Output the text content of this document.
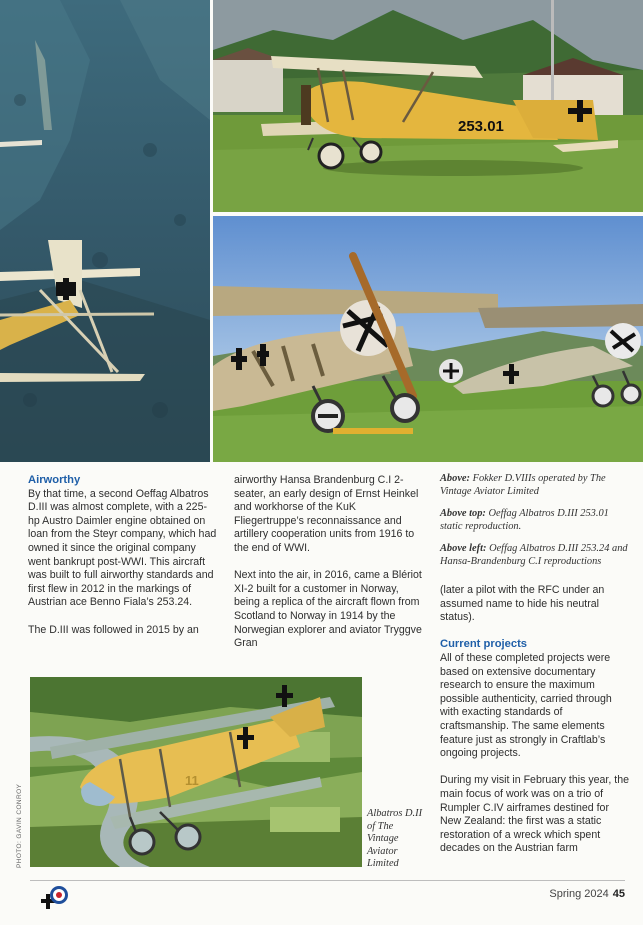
253.01
11
PHOTO: GAVIN CONROY
Airworthy

By that time, a second Oeffag Albatros D.III was almost complete, with a 225-hp Austro Daimler engine obtained on loan from the Steyr company, which had owned it since the original company went bankrupt post-WWI. This aircraft was built to full airworthy standards and first flew in 2012 in the markings of Austrian ace Benno Fiala’s 253.24.

The D.III was followed in 2015 by an

airworthy Hansa Brandenburg C.I 2-seater, an early design of Ernst Heinkel and workhorse of the KuK Fliegertruppe’s reconnaissance and artillery cooperation units from 1916 to the end of WWI.

Next into the air, in 2016, came a Blériot XI-2 built for a customer in Norway, being a replica of the aircraft flown from Scotland to Norway in 1914 by the Norwegian explorer and aviator Tryggve Gran

Above: Fokker D.VIIIs operated by The Vintage Aviator Limited

Above top: Oeffag Albatros D.III 253.01 static reproduction.

Above left: Oeffag Albatros D.III 253.24 and Hansa-Brandenburg C.I reproductions

(later a pilot with the RFC under an assumed name to hide his neutral status).

Current projects

All of these completed projects were based on extensive documentary research to ensure the maximum possible authenticity, carried through with exacting standards of craftsmanship. The same elements feature just as strongly in Craftlab’s ongoing projects.

During my visit in February this year, the main focus of work was on a trio of Rumpler C.IV airframes destined for New Zealand: the first was a static restoration of a wreck which spent decades on the Austrian farm

Albatros D.II of The Vintage Aviator Limited
Spring 2024 45
